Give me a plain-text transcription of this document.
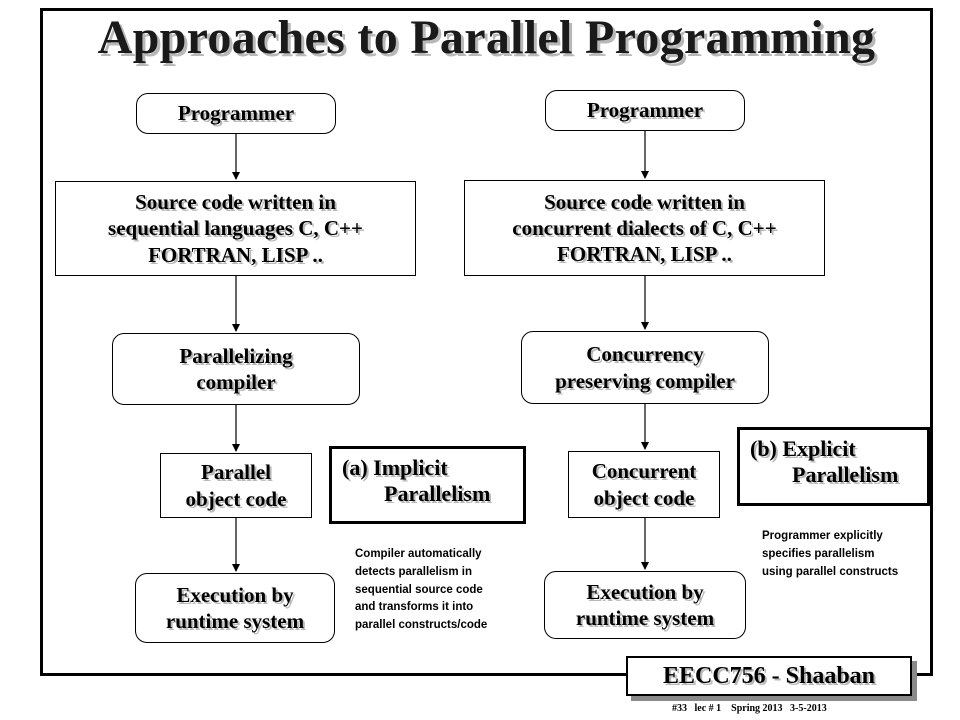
Approaches to Parallel Programming
Programmer
Source code written in
sequential languages C, C++
FORTRAN, LISP ..
Parallelizing
compiler
Parallel
object code
Execution by
runtime system
Programmer
Source code written in
concurrent dialects of C, C++
FORTRAN, LISP ..
Concurrency
preserving compiler
Concurrent
object code
Execution by
runtime system
(a) Implicit
Parallelism
(b) Explicit
Parallelism
Compiler automatically
detects parallelism in
sequential source code
and transforms it into
parallel constructs/code
Programmer explicitly
specifies parallelism
using parallel constructs
EECC756 - Shaaban
#33   lec # 1    Spring 2013   3-5-2013
